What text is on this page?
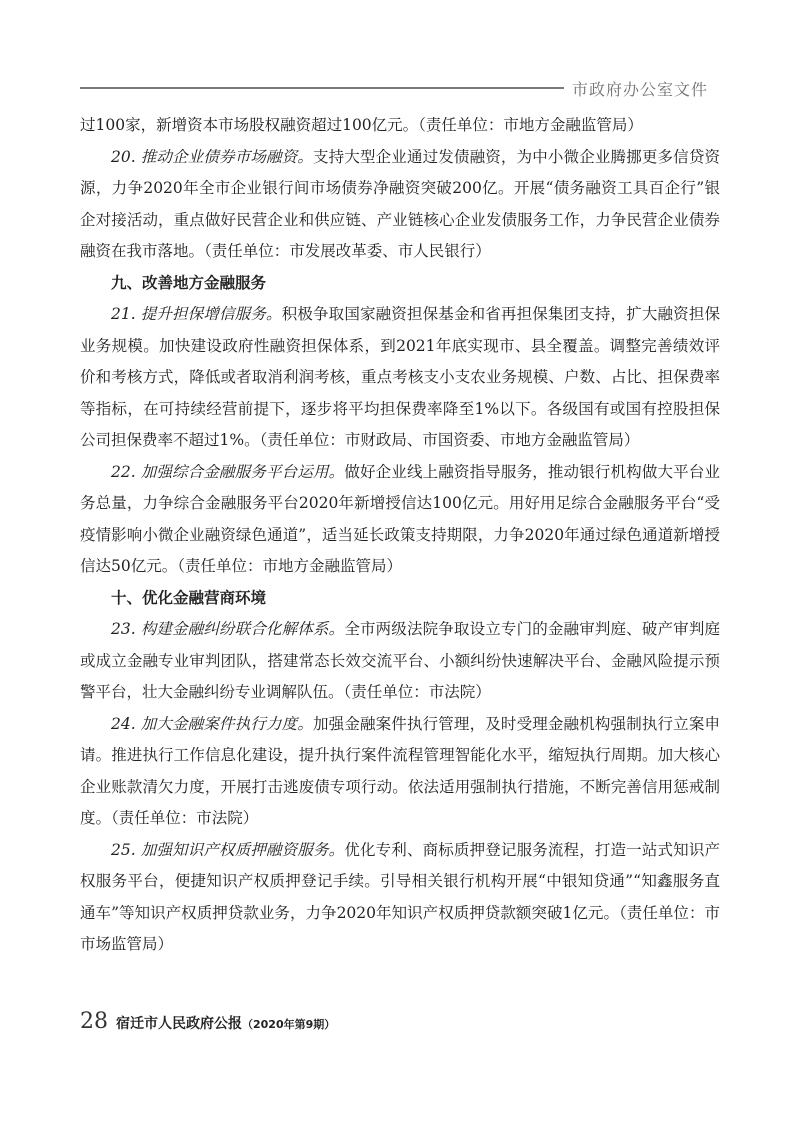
市政府办公室文件
过100家，新增资本市场股权融资超过100亿元。（责任单位：市地方金融监管局）
20. 推动企业债券市场融资。支持大型企业通过发债融资，为中小微企业腾挪更多信贷资源，力争2020年全市企业银行间市场债券净融资突破200亿。开展“债务融资工具百企行”银企对接活动，重点做好民营企业和供应链、产业链核心企业发债服务工作，力争民营企业债券融资在我市落地。（责任单位：市发展改革委、市人民银行）
九、改善地方金融服务
21. 提升担保增信服务。积极争取国家融资担保基金和省再担保集团支持，扩大融资担保业务规模。加快建设政府性融资担保体系，到2021年底实现市、县全覆盖。调整完善绩效评价和考核方式，降低或者取消利润考核，重点考核支小支农业务规模、户数、占比、担保费率等指标，在可持续经营前提下，逐步将平均担保费率降至1%以下。各级国有或国有控股担保公司担保费率不超过1%。（责任单位：市财政局、市国资委、市地方金融监管局）
22. 加强综合金融服务平台运用。做好企业线上融资指导服务，推动银行机构做大平台业务总量，力争综合金融服务平台2020年新增授信达100亿元。用好用足综合金融服务平台“受疫情影响小微企业融资绿色通道”，适当延长政策支持期限，力争2020年通过绿色通道新增授信达50亿元。（责任单位：市地方金融监管局）
十、优化金融营商环境
23. 构建金融纠纷联合化解体系。全市两级法院争取设立专门的金融审判庭、破产审判庭或成立金融专业审判团队，搭建常态长效交流平台、小额纠纷快速解决平台、金融风险提示预警平台，壮大金融纠纷专业调解队伍。（责任单位：市法院）
24. 加大金融案件执行力度。加强金融案件执行管理，及时受理金融机构强制执行立案申请。推进执行工作信息化建设，提升执行案件流程管理智能化水平，缩短执行周期。加大核心企业账款清欠力度，开展打击逃废债专项行动。依法适用强制执行措施，不断完善信用惩戒制度。（责任单位：市法院）
25. 加强知识产权质押融资服务。优化专利、商标质押登记服务流程，打造一站式知识产权服务平台，便捷知识产权质押登记手续。引导相关银行机构开展“中银知贷通”“知鑫服务直通车”等知识产权质押贷款业务，力争2020年知识产权质押贷款额突破1亿元。（责任单位：市市场监管局）
28 宿迁市人民政府公报 （2020年第9期）
